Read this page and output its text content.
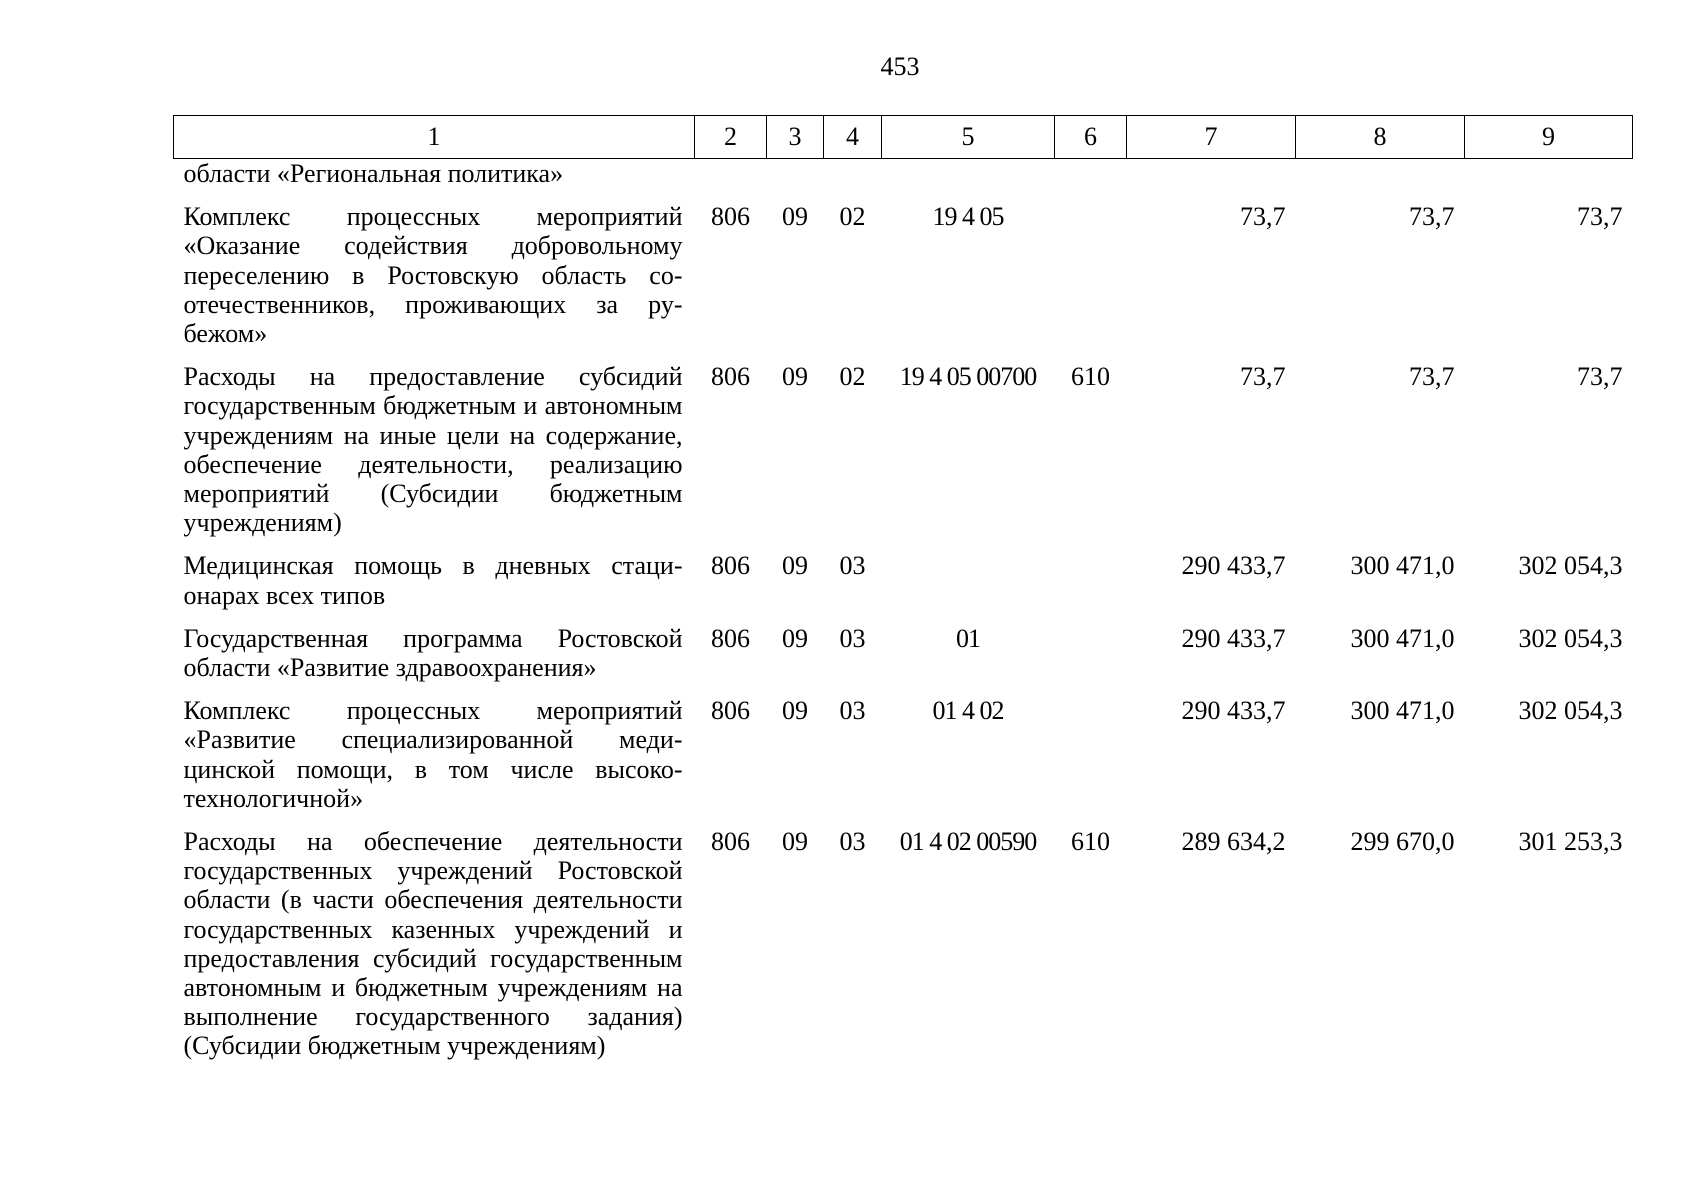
453
1	2	3	4	5	6	7	8	9
области «Региональная политика»								
Комплекс процессных мероприятий «Оказание содействия добровольному переселению в Ростовскую область соотечественников, проживающих за рубежом»	806	09	02	19 4 05		73,7	73,7	73,7
Расходы на предоставление субсидий государственным бюджетным и автономным учреждениям на иные цели на содержание, обеспечение деятельности, реализацию мероприятий (Субсидии бюджетным учреждениям)	806	09	02	19 4 05 00700	610	73,7	73,7	73,7
Медицинская помощь в дневных стационарах всех типов	806	09	03			290 433,7	300 471,0	302 054,3
Государственная программа Ростовской области «Развитие здравоохранения»	806	09	03	01		290 433,7	300 471,0	302 054,3
Комплекс процессных мероприятий «Развитие специализированной медицинской помощи, в том числе высокотехнологичной»	806	09	03	01 4 02		290 433,7	300 471,0	302 054,3
Расходы на обеспечение деятельности государственных учреждений Ростовской области (в части обеспечения деятельности государственных казенных учреждений и предоставления субсидий государственным автономным и бюджетным учреждениям на выполнение государственного задания) (Субсидии бюджетным учреждениям)	806	09	03	01 4 02 00590	610	289 634,2	299 670,0	301 253,3
